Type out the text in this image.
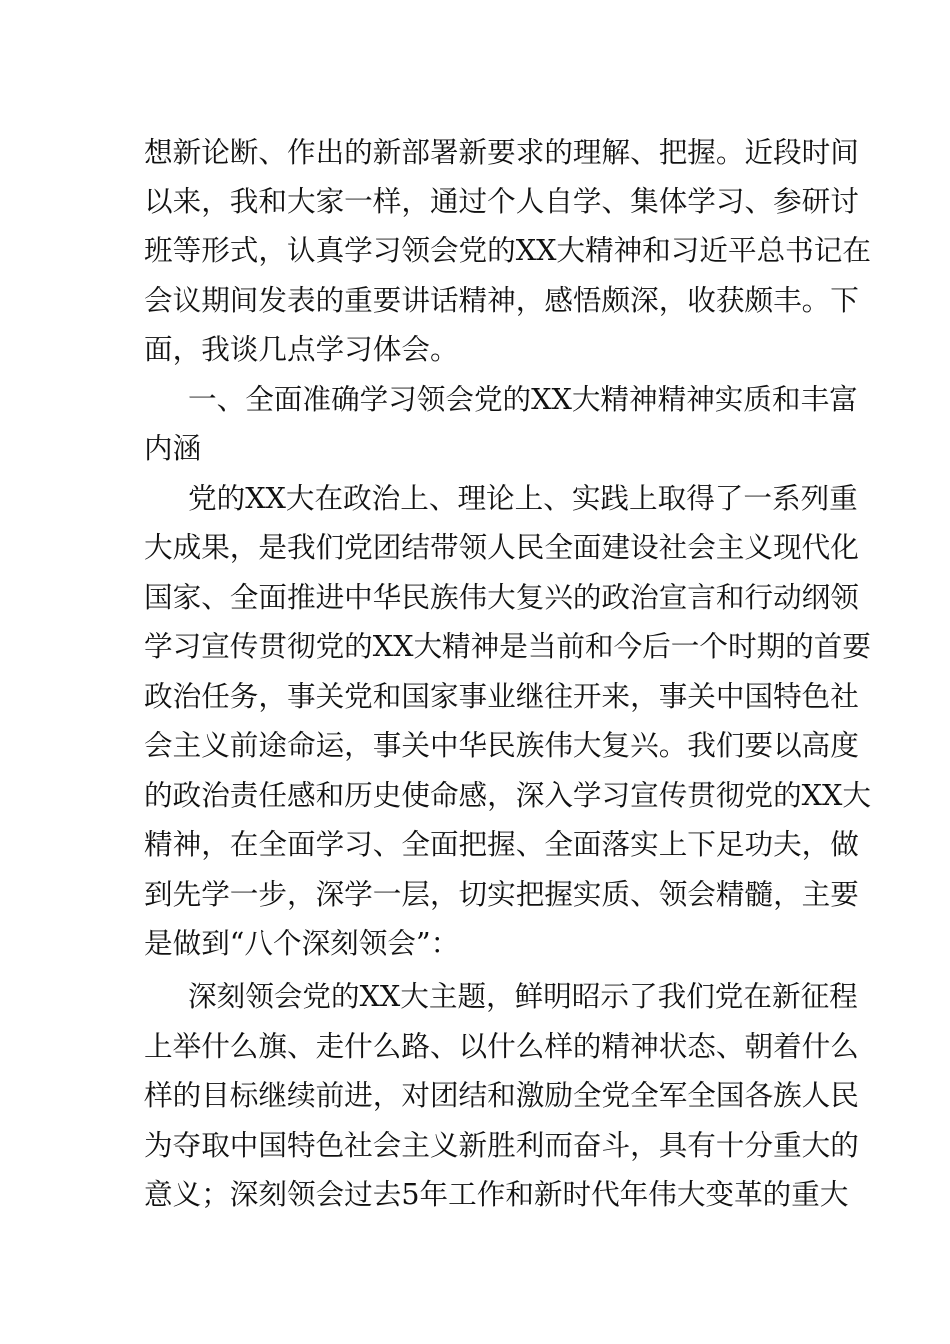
想新论断、作出的新部署新要求的理解、把握。近段时间
以来，我和大家一样，通过个人自学、集体学习、参研讨
班等形式，认真学习领会党的XX大精神和习近平总书记在
会议期间发表的重要讲话精神，感悟颇深，收获颇丰。下
面，我谈几点学习体会。
一、全面准确学习领会党的XX大精神精神实质和丰富
内涵
党的XX大在政治上、理论上、实践上取得了一系列重
大成果，是我们党团结带领人民全面建设社会主义现代化
国家、全面推进中华民族伟大复兴的政治宣言和行动纲领
学习宣传贯彻党的XX大精神是当前和今后一个时期的首要
政治任务，事关党和国家事业继往开来，事关中国特色社
会主义前途命运，事关中华民族伟大复兴。我们要以高度
的政治责任感和历史使命感，深入学习宣传贯彻党的XX大
精神，在全面学习、全面把握、全面落实上下足功夫，做
到先学一步，深学一层，切实把握实质、领会精髓，主要
是做到“八个深刻领会”：
深刻领会党的XX大主题，鲜明昭示了我们党在新征程
上举什么旗、走什么路、以什么样的精神状态、朝着什么
样的目标继续前进，对团结和激励全党全军全国各族人民
为夺取中国特色社会主义新胜利而奋斗，具有十分重大的
意义；深刻领会过去5年工作和新时代年伟大变革的重大
